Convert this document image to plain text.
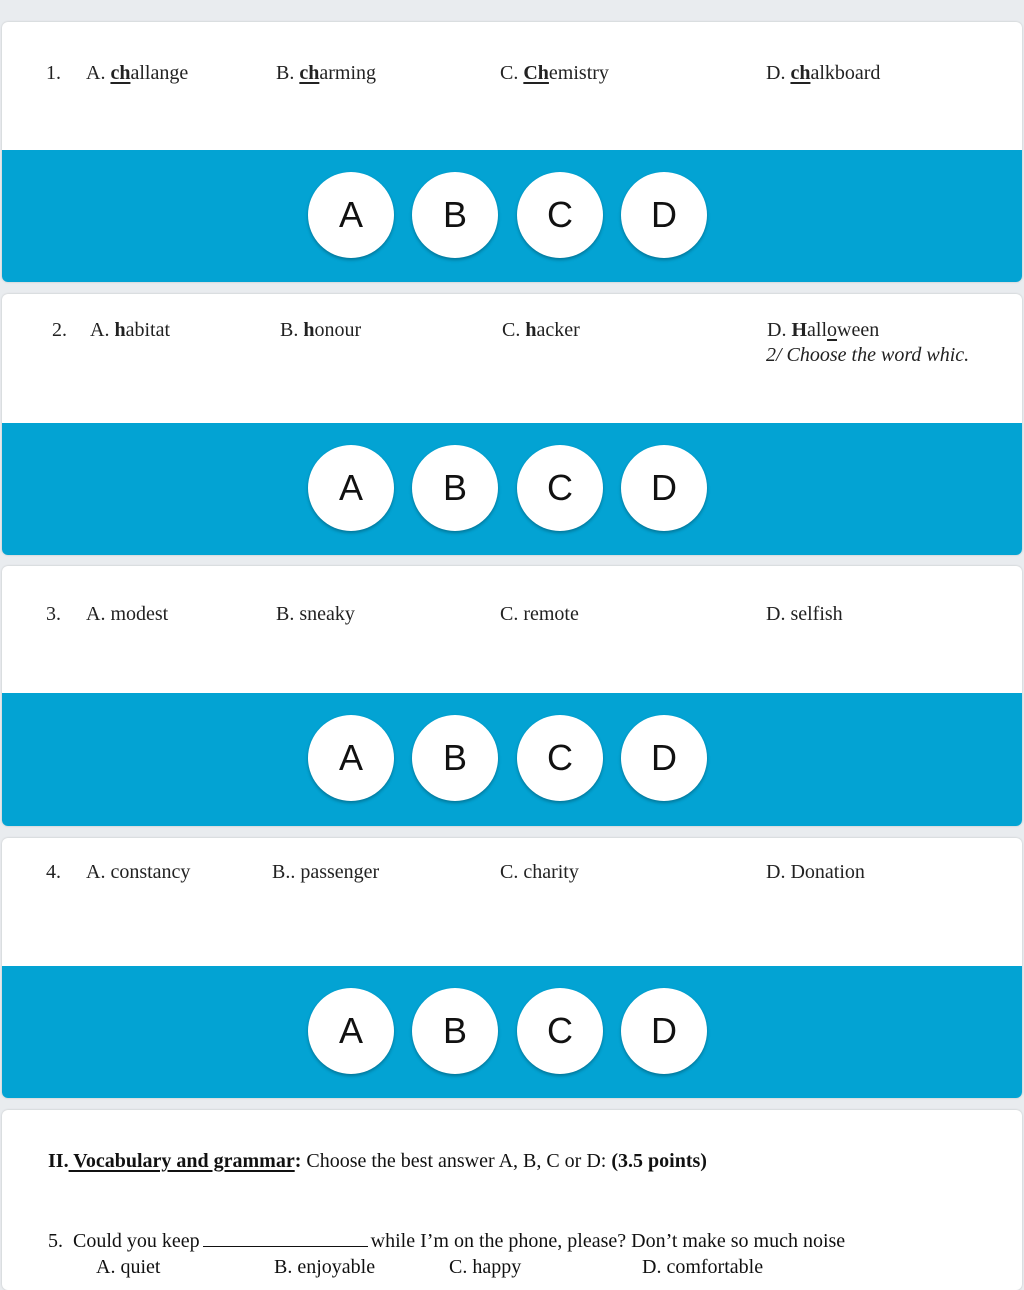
1. A. challange	B. charming	C. Chemistry	D. chalkboard
A	B	C	D
2. A. habitat	B. honour	C. hacker	D. Halloween
2/ Choose the word whic.
A	B	C	D
3. A. modest	B. sneaky	C. remote	D. selfish
A	B	C	D
4. A. constancy	B.. passenger	C. charity	D. Donation
A	B	C	D
II. Vocabulary and grammar: Choose the best answer A, B, C or D: (3.5 points)
5. Could you keep	while I’m on the phone, please? Don’t make so much noise
A. quiet	B. enjoyable	C. happy	D. comfortable
